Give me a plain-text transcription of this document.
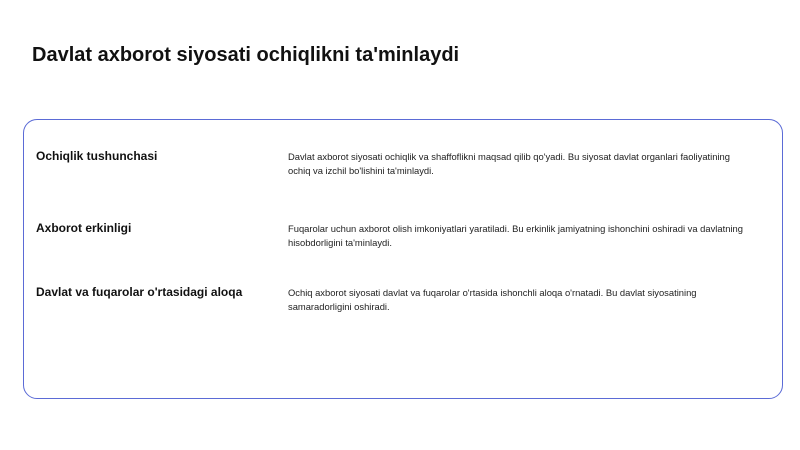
Davlat axborot siyosati ochiqlikni ta'minlaydi
Ochiqlik tushunchasi	Davlat axborot siyosati ochiqlik va shaffoflikni maqsad qilib qo'yadi. Bu siyosat davlat organlari faoliyatining ochiq va izchil bo'lishini ta'minlaydi.

Axborot erkinligi	Fuqarolar uchun axborot olish imkoniyatlari yaratiladi. Bu erkinlik jamiyatning ishonchini oshiradi va davlatning hisobdorligini ta'minlaydi.

Davlat va fuqarolar o'rtasidagi aloqa	Ochiq axborot siyosati davlat va fuqarolar o'rtasida ishonchli aloqa o'rnatadi. Bu davlat siyosatining samaradorligini oshiradi.
